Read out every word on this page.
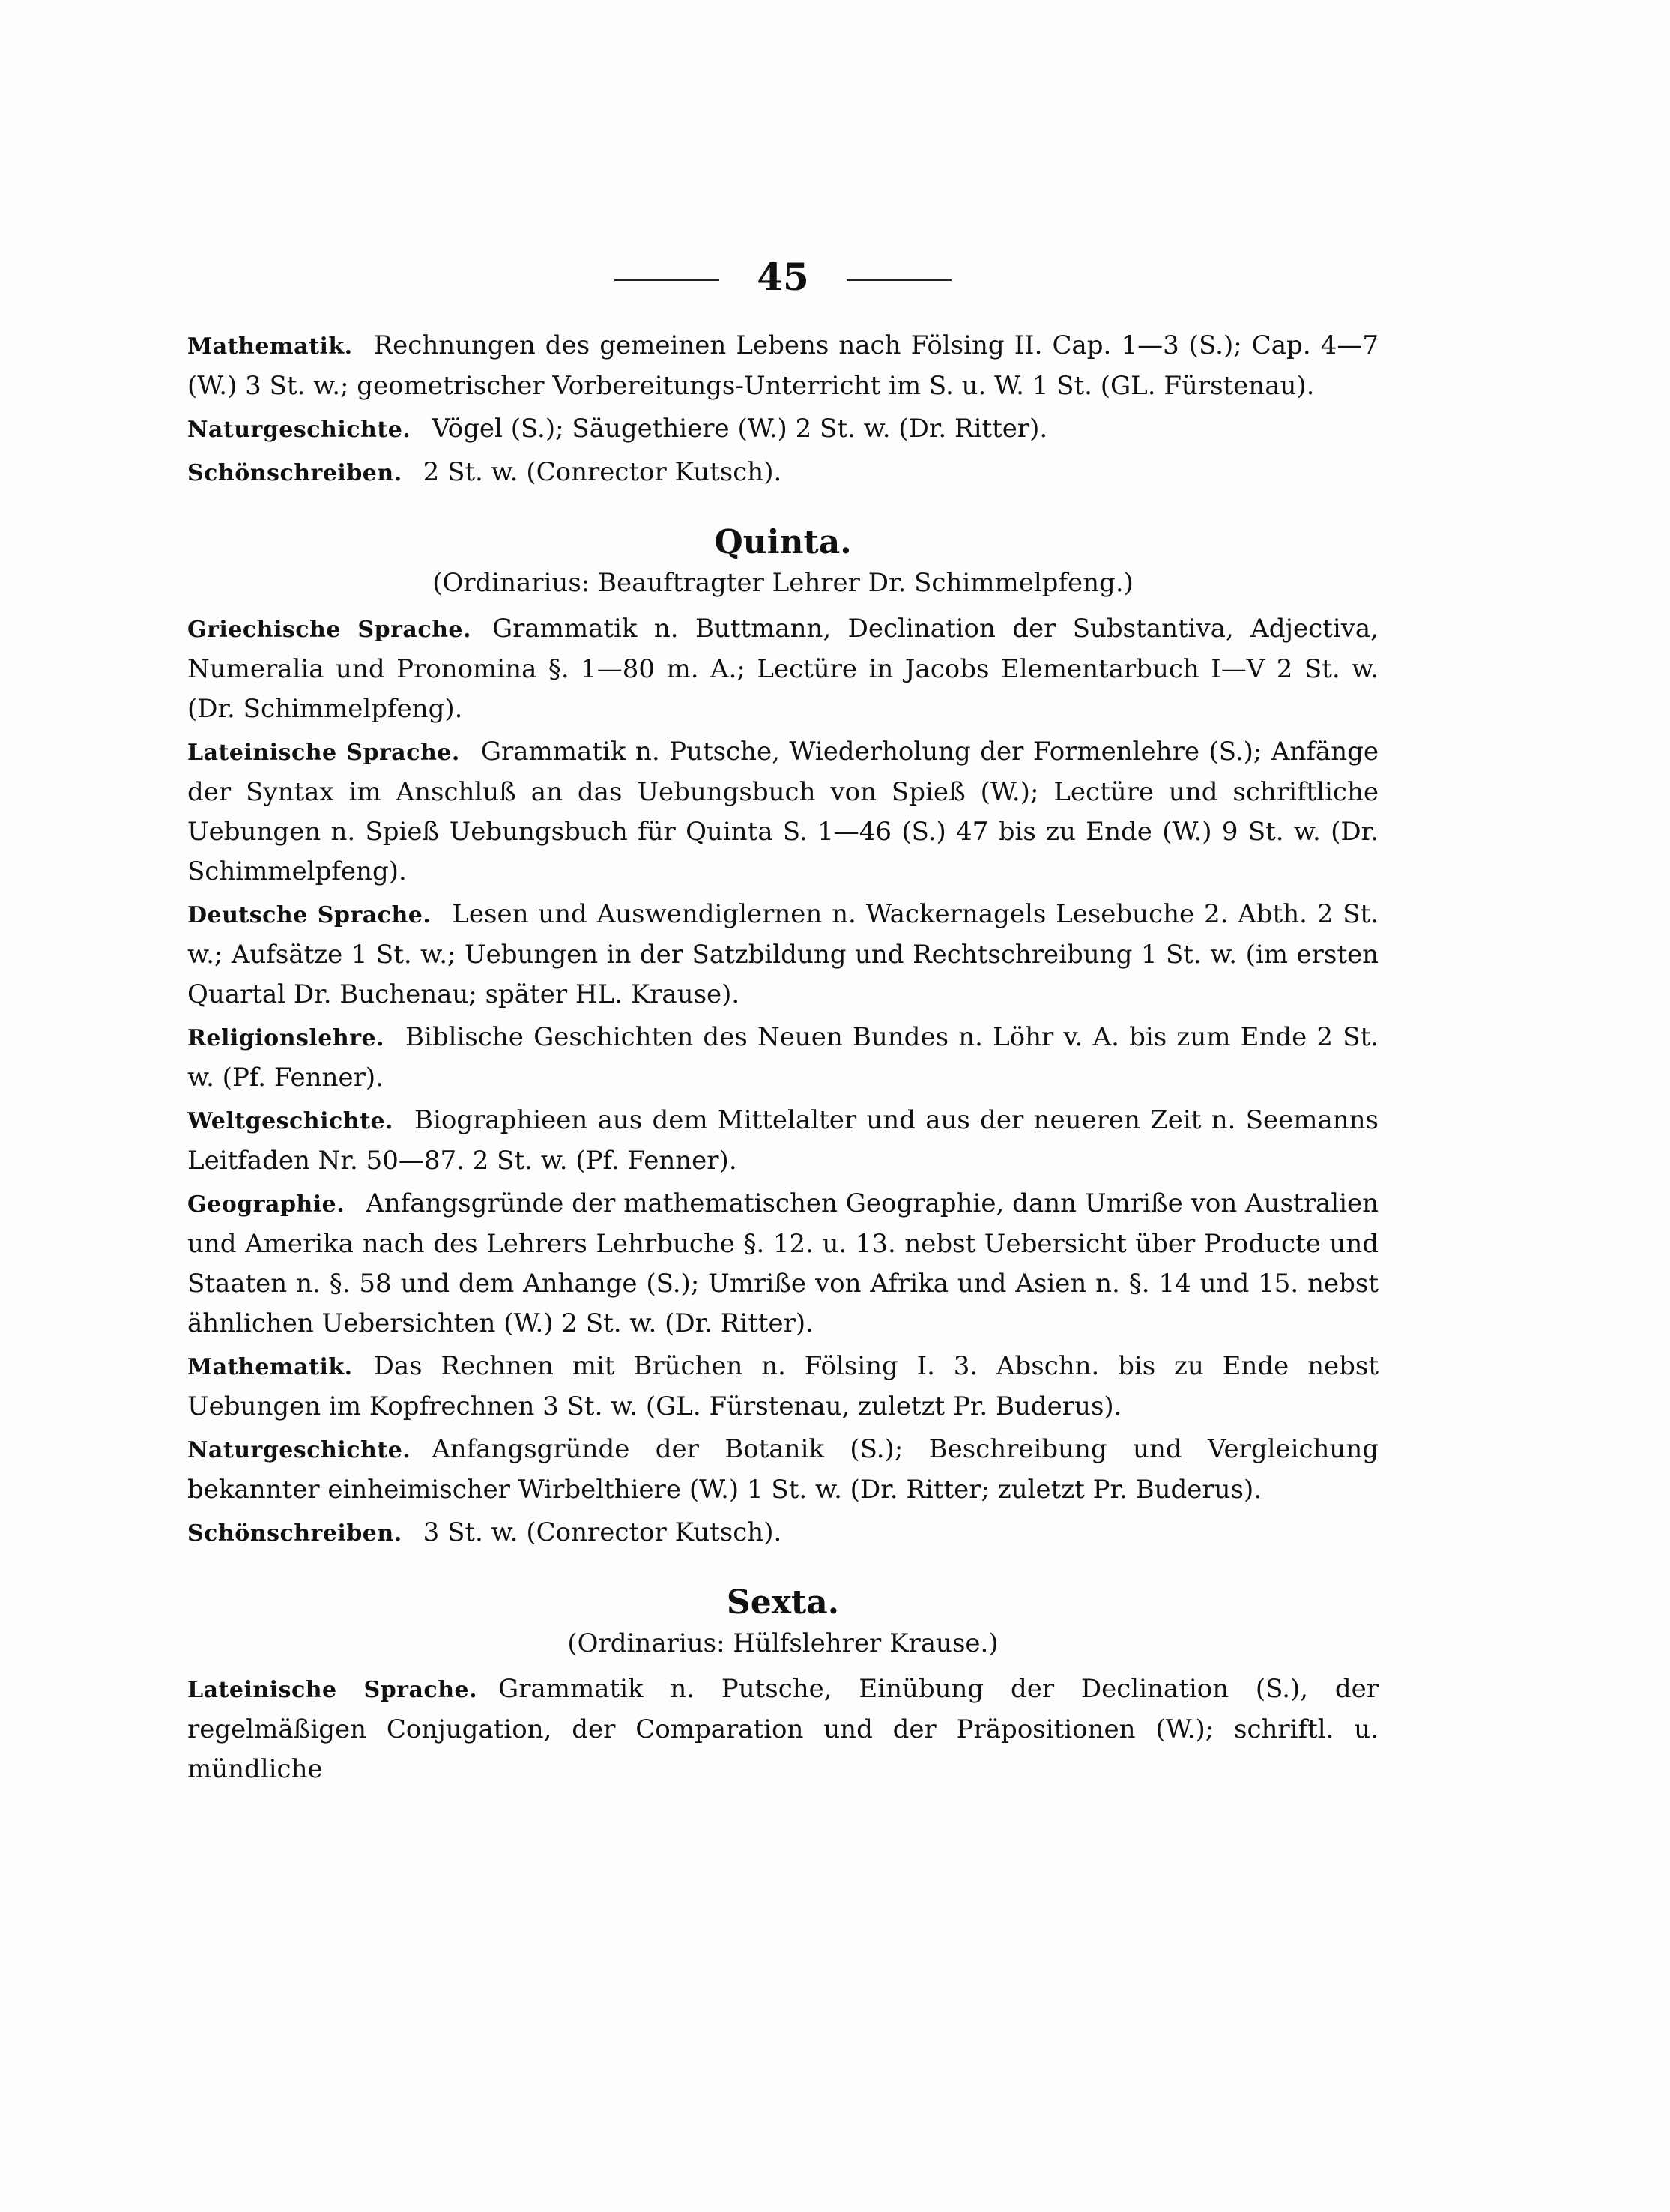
45
Mathematik. Rechnungen des gemeinen Lebens nach Fölsing II. Cap. 1—3 (S.); Cap. 4—7 (W.) 3 St. w.; geometrischer Vorbereitungs-Unterricht im S. u. W. 1 St. (GL. Fürstenau).
Naturgeschichte. Vögel (S.); Säugethiere (W.) 2 St. w. (Dr. Ritter).
Schönschreiben. 2 St. w. (Conrector Kutsch).
Quinta.
(Ordinarius: Beauftragter Lehrer Dr. Schimmelpfeng.)
Griechische Sprache. Grammatik n. Buttmann, Declination der Substantiva, Adjectiva, Numeralia und Pronomina §. 1—80 m. A.; Lectüre in Jacobs Elementarbuch I—V 2 St. w. (Dr. Schimmelpfeng).
Lateinische Sprache. Grammatik n. Putsche, Wiederholung der Formenlehre (S.); Anfänge der Syntax im Anschluß an das Uebungsbuch von Spieß (W.); Lectüre und schriftliche Uebungen n. Spieß Uebungsbuch für Quinta S. 1—46 (S.) 47 bis zu Ende (W.) 9 St. w. (Dr. Schimmelpfeng).
Deutsche Sprache. Lesen und Auswendiglernen n. Wackernagels Lesebuche 2. Abth. 2 St. w.; Aufsätze 1 St. w.; Uebungen in der Satzbildung und Rechtschreibung 1 St. w. (im ersten Quartal Dr. Buchenau; später HL. Krause).
Religionslehre. Biblische Geschichten des Neuen Bundes n. Löhr v. A. bis zum Ende 2 St. w. (Pf. Fenner).
Weltgeschichte. Biographieen aus dem Mittelalter und aus der neueren Zeit n. Seemanns Leitfaden Nr. 50—87. 2 St. w. (Pf. Fenner).
Geographie. Anfangsgründe der mathematischen Geographie, dann Umriße von Australien und Amerika nach des Lehrers Lehrbuche §. 12. u. 13. nebst Uebersicht über Producte und Staaten n. §. 58 und dem Anhange (S.); Umriße von Afrika und Asien n. §. 14 und 15. nebst ähnlichen Uebersichten (W.) 2 St. w. (Dr. Ritter).
Mathematik. Das Rechnen mit Brüchen n. Fölsing I. 3. Abschn. bis zu Ende nebst Uebungen im Kopfrechnen 3 St. w. (GL. Fürstenau, zuletzt Pr. Buderus).
Naturgeschichte. Anfangsgründe der Botanik (S.); Beschreibung und Vergleichung bekannter einheimischer Wirbelthiere (W.) 1 St. w. (Dr. Ritter; zuletzt Pr. Buderus).
Schönschreiben. 3 St. w. (Conrector Kutsch).
Sexta.
(Ordinarius: Hülfslehrer Krause.)
Lateinische Sprache. Grammatik n. Putsche, Einübung der Declination (S.), der regelmäßigen Conjugation, der Comparation und der Präpositionen (W.); schriftl. u. mündliche
